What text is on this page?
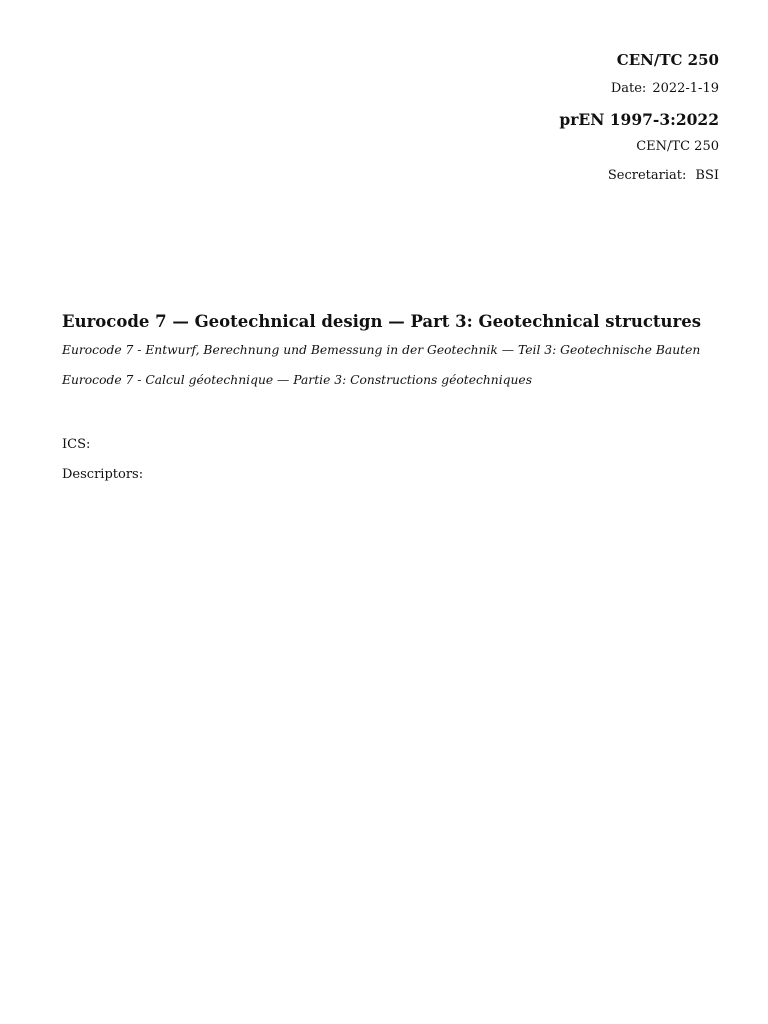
CEN/TC 250

Date: 2022-1-19

prEN 1997-3:2022

CEN/TC 250

Secretariat: BSI

Eurocode 7 — Geotechnical design — Part 3: Geotechnical structures

Eurocode 7 - Entwurf, Berechnung und Bemessung in der Geotechnik — Teil 3: Geotechnische Bauten

Eurocode 7 - Calcul géotechnique — Partie 3: Constructions géotechniques

ICS:

Descriptors:
